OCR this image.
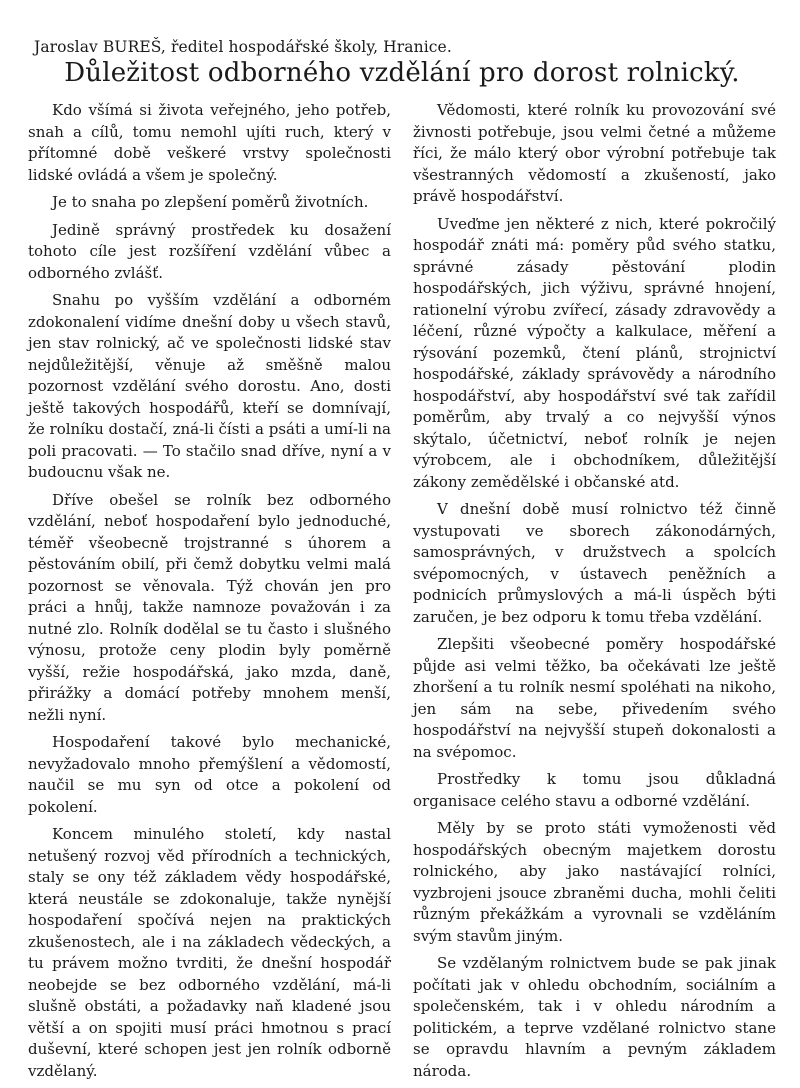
Jaroslav BUREŠ, ředitel hospodářské školy, Hranice.
Důležitost odborného vzdělání pro dorost rolnický.

Kdo všímá si života veřejného, jeho potřeb, snah a cílů, tomu nemohl ujíti ruch, který v přítomné době veškeré vrstvy společnosti lidské ovládá a všem je společný.

Je to snaha po zlepšení poměrů životních.

Jedině správný prostředek ku dosažení tohoto cíle jest rozšíření vzdělání vůbec a odborného zvlášť.

Snahu po vyšším vzdělání a odborném zdokonalení vidíme dnešní doby u všech stavů, jen stav rolnický, ač ve společnosti lidské stav nejdůležitější, věnuje až směšně malou pozornost vzdělání svého dorostu. Ano, dosti ještě takových hospodářů, kteří se domnívají, že rolníku dostačí, zná-li čísti a psáti a umí-li na poli pracovati. — To stačilo snad dříve, nyní a v budoucnu však ne.

Dříve obešel se rolník bez odborného vzdělání, neboť hospodaření bylo jednoduché, téměř všeobecně trojstranné s úhorem a pěstováním obilí, při čemž dobytku velmi malá pozornost se věnovala. Týž chován jen pro práci a hnůj, takže namnoze považován i za nutné zlo. Rolník dodělal se tu často i slušného výnosu, protože ceny plodin byly poměrně vyšší, režie hospodářská, jako mzda, daně, přirážky a domácí potřeby mnohem menší, nežli nyní.

Hospodaření takové bylo mechanické, nevyžadovalo mnoho přemýšlení a vědomostí, naučil se mu syn od otce a pokolení od pokolení.

Koncem minulého století, kdy nastal netušený rozvoj věd přírodních a technických, staly se ony též základem vědy hospodářské, která neustále se zdokonaluje, takže nynější hospodaření spočívá nejen na praktických zkušenostech, ale i na základech vědeckých, a tu právem možno tvrditi, že dnešní hospodář neobejde se bez odborného vzdělání, má-li slušně obstáti, a požadavky naň kladené jsou větší a on spojiti musí práci hmotnou s prací duševní, které schopen jest jen rolník odborně vzdělaný.

Vědomosti, které rolník ku provozování své živnosti potřebuje, jsou velmi četné a můžeme říci, že málo který obor výrobní potřebuje tak všestranných vědomostí a zkušeností, jako právě hospodářství.

Uveďme jen některé z nich, které pokročilý hospodář znáti má: poměry půd svého statku, správné zásady pěstování plodin hospodářských, jich výživu, správné hnojení, rationelní výrobu zvířecí, zásady zdravovědy a léčení, různé výpočty a kalkulace, měření a rýsování pozemků, čtení plánů, strojnictví hospodářské, základy správovědy a národního hospodářství, aby hospodářství své tak zařídil poměrům, aby trvalý a co nejvyšší výnos skýtalo, účetnictví, neboť rolník je nejen výrobcem, ale i obchodníkem, důležitější zákony zemědělské i občanské atd.

V dnešní době musí rolnictvo též činně vystupovati ve sborech zákonodárných, samosprávných, v družstvech a spolcích svépomocných, v ústavech peněžních a podnicích průmyslových a má-li úspěch býti zaručen, je bez odporu k tomu třeba vzdělání.

Zlepšiti všeobecné poměry hospodářské půjde asi velmi těžko, ba očekávati lze ještě zhoršení a tu rolník nesmí spoléhati na nikoho, jen sám na sebe, přivedením svého hospodářství na nejvyšší stupeň dokonalosti a na svépomoc.

Prostředky k tomu jsou důkladná organisace celého stavu a odborné vzdělání.

Měly by se proto státi vymoženosti věd hospodářských obecným majetkem dorostu rolnického, aby jako nastávající rolníci, vyzbrojeni jsouce zbraněmi ducha, mohli čeliti různým překážkám a vyrovnali se vzděláním svým stavům jiným.

Se vzdělaným rolnictvem bude se pak jinak počítati jak v ohledu obchodním, sociálním a společenském, tak i v ohledu národním a politickém, a teprve vzdělané rolnictvo stane se opravdu hlavním a pevným základem národa.
